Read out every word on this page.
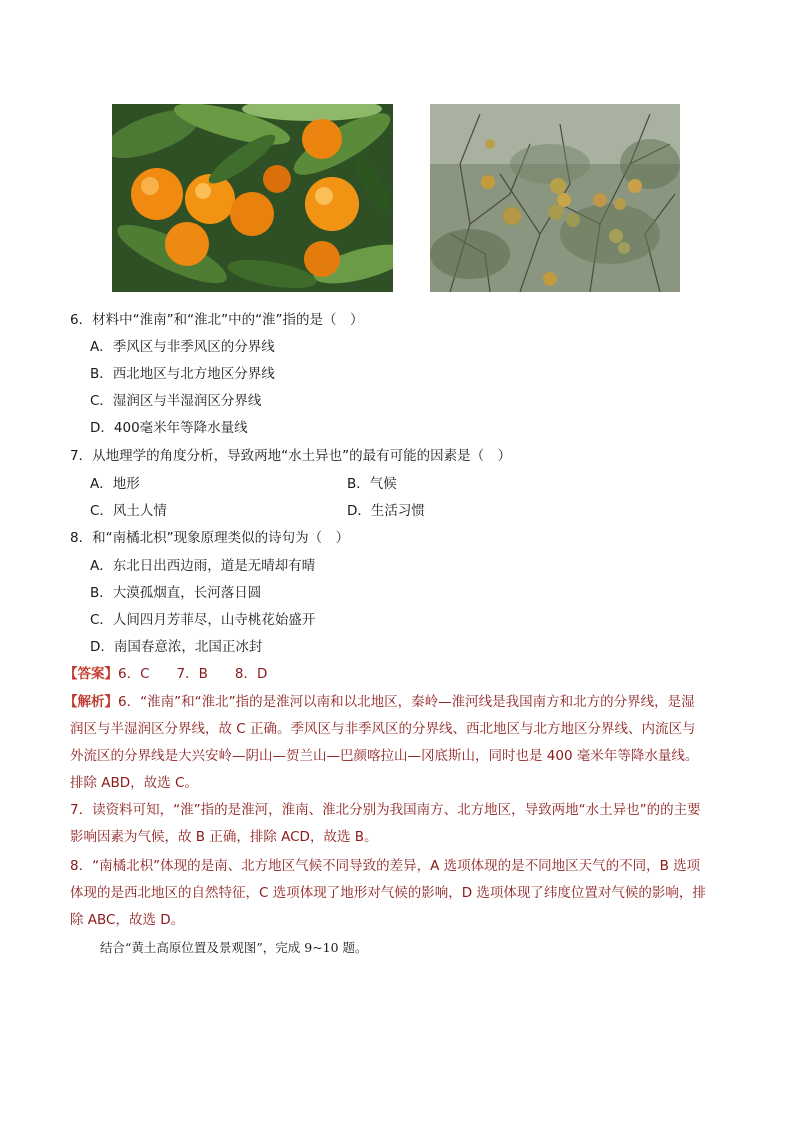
6．材料中“淮南”和“淮北”中的“淮”指的是（　）
A．季风区与非季风区的分界线
B．西北地区与北方地区分界线
C．湿润区与半湿润区分界线
D．400毫米年等降水量线
7．从地理学的角度分析，导致两地“水土异也”的最有可能的因素是（　）
A．地形	B．气候
C．风土人情	D．生活习惯
8．和“南橘北枳”现象原理类似的诗句为（　）
A．东北日出西边雨，道是无晴却有晴
B．大漠孤烟直，长河落日圆
C．人间四月芳菲尽，山寺桃花始盛开
D．南国春意浓，北国正冰封
【答案】6．C　　7．B　　8．D
【解析】6．“淮南”和“淮北”指的是淮河以南和以北地区，秦岭—淮河线是我国南方和北方的分界线，是湿
润区与半湿润区分界线，故 C 正确。季风区与非季风区的分界线、西北地区与北方地区分界线、内流区与
外流区的分界线是大兴安岭—阴山—贺兰山—巴颜喀拉山—冈底斯山，同时也是 400 毫米年等降水量线。
排除 ABD，故选 C。
7．读资料可知，“淮”指的是淮河，淮南、淮北分别为我国南方、北方地区，导致两地“水土异也”的的主要
影响因素为气候，故 B 正确，排除 ACD，故选 B。
8．“南橘北枳”体现的是南、北方地区气候不同导致的差异，A 选项体现的是不同地区天气的不同，B 选项
体现的是西北地区的自然特征，C 选项体现了地形对气候的影响，D 选项体现了纬度位置对气候的影响，排
除 ABC，故选 D。
结合“黄土高原位置及景观图”，完成 9~10 题。
